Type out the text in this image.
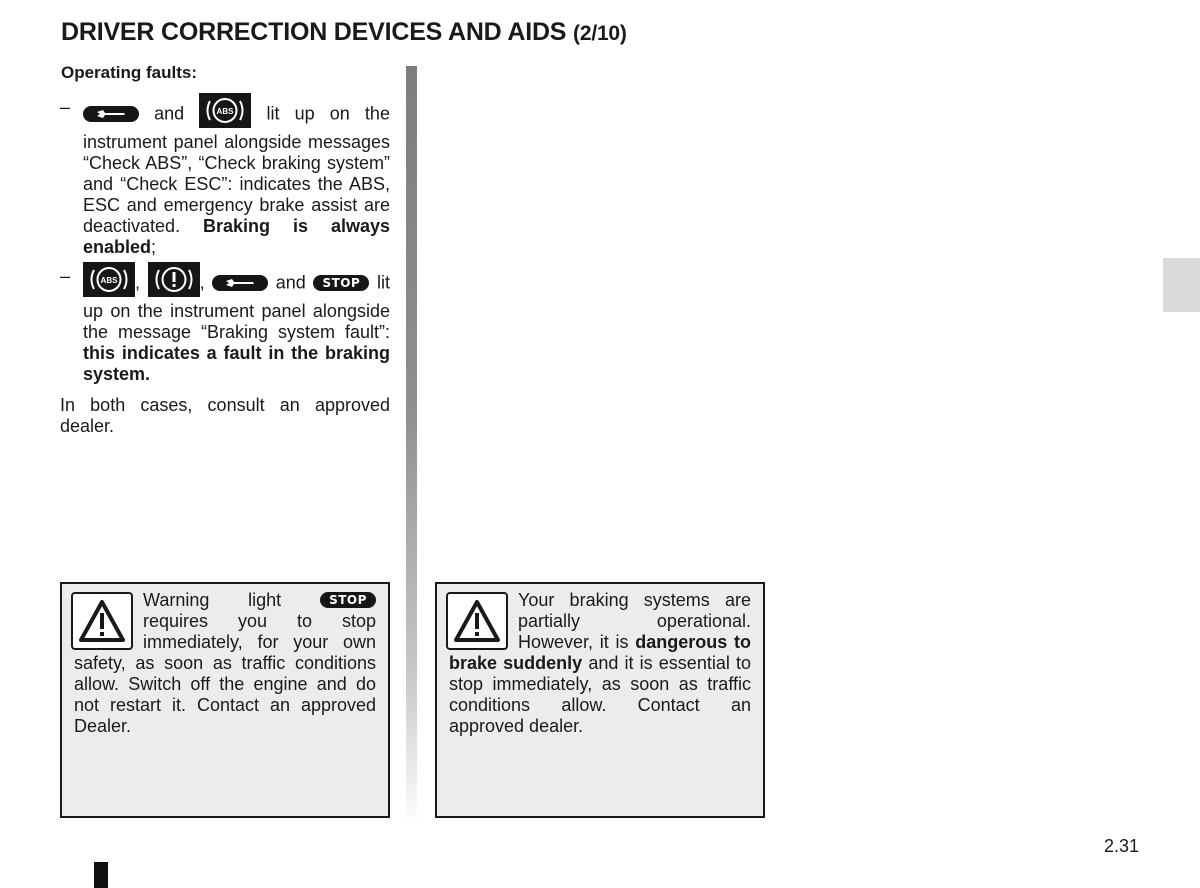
DRIVER CORRECTION DEVICES AND AIDS (2/10)
Operating faults:
–	and	ABS lit up on the instrument panel alongside messages “Check ABS”, “Check braking system” and “Check ESC”: indicates the ABS, ESC and emergency brake assist are deactivated. Braking is always enabled;
–	ABS ,	,	and STOP lit up on the instrument panel alongside the message “Braking system fault”: this indicates a fault in the braking system.
In both cases, consult an approved dealer.
Warning light	STOP requires you to stop immediately, for your own safety, as soon as traffic conditions allow. Switch off the engine and do not restart it. Contact an approved Dealer.
Your braking systems are partially operational. However, it is dangerous to brake suddenly and it is essential to stop immediately, as soon as traffic conditions allow. Contact an approved dealer.
2.31
